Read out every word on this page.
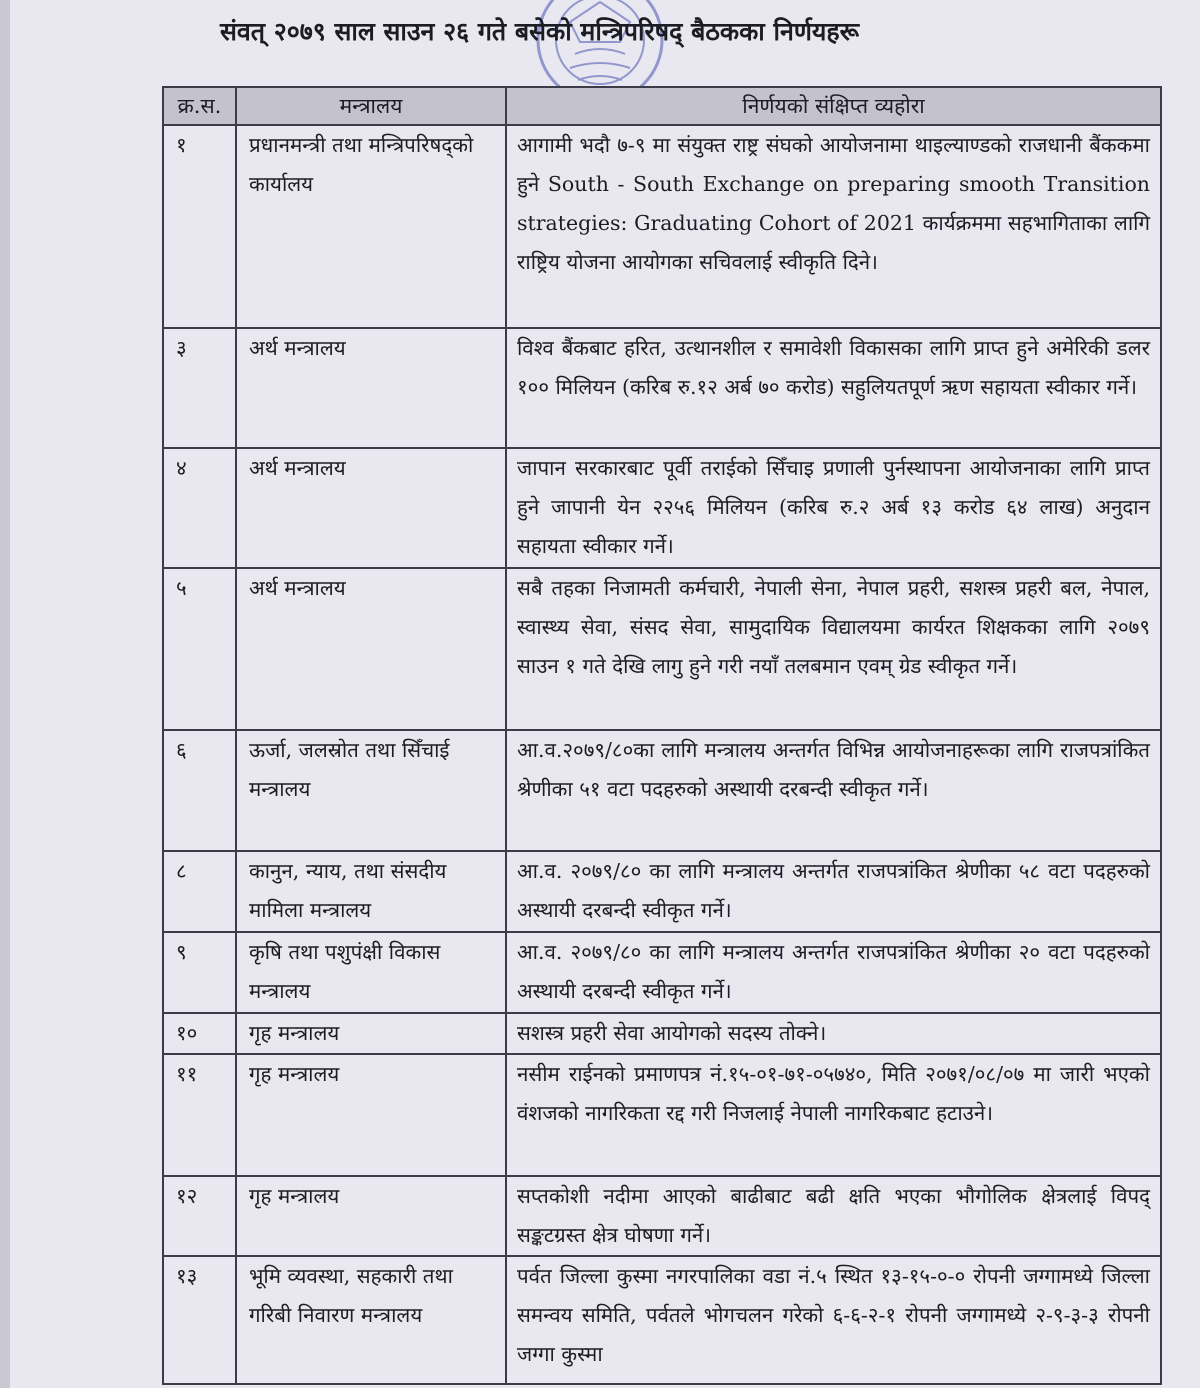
संवत् २०७९ साल साउन २६ गते बसेको मन्त्रिपरिषद् बैठकका निर्णयहरू
क्र.स.	मन्त्रालय	निर्णयको संक्षिप्त व्यहोरा
१	प्रधानमन्त्री तथा मन्त्रिपरिषद्को कार्यालय	आगामी भदौ ७-९ मा संयुक्त राष्ट्र संघको आयोजनामा थाइल्याण्डको राजधानी बैंककमा हुने South - South Exchange on preparing smooth Transition strategies: Graduating Cohort of 2021 कार्यक्रममा सहभागिताका लागि राष्ट्रिय योजना आयोगका सचिवलाई स्वीकृति दिने।
३	अर्थ मन्त्रालय	विश्व बैंकबाट हरित, उत्थानशील र समावेशी विकासका लागि प्राप्त हुने अमेरिकी डलर १०० मिलियन (करिब रु.१२ अर्ब ७० करोड) सहुलियतपूर्ण ऋण सहायता स्वीकार गर्ने।
४	अर्थ मन्त्रालय	जापान सरकारबाट पूर्वी तराईको सिँचाइ प्रणाली पुर्नस्थापना आयोजनाका लागि प्राप्त हुने जापानी येन २२५६ मिलियन (करिब रु.२ अर्ब १३ करोड ६४ लाख) अनुदान सहायता स्वीकार गर्ने।
५	अर्थ मन्त्रालय	सबै तहका निजामती कर्मचारी, नेपाली सेना, नेपाल प्रहरी, सशस्त्र प्रहरी बल, नेपाल, स्वास्थ्य सेवा, संसद सेवा, सामुदायिक विद्यालयमा कार्यरत शिक्षकका लागि २०७९ साउन १ गते देखि लागु हुने गरी नयाँ तलबमान एवम् ग्रेड स्वीकृत गर्ने।
६	ऊर्जा, जलस्रोत तथा सिँचाई मन्त्रालय	आ.व.२०७९/८०का लागि मन्त्रालय अन्तर्गत विभिन्न आयोजनाहरूका लागि राजपत्रांकित श्रेणीका ५१ वटा पदहरुको अस्थायी दरबन्दी स्वीकृत गर्ने।
८	कानुन, न्याय, तथा संसदीय मामिला मन्त्रालय	आ.व. २०७९/८० का लागि मन्त्रालय अन्तर्गत राजपत्रांकित श्रेणीका ५८ वटा पदहरुको अस्थायी दरबन्दी स्वीकृत गर्ने।
९	कृषि तथा पशुपंक्षी विकास मन्त्रालय	आ.व. २०७९/८० का लागि मन्त्रालय अन्तर्गत राजपत्रांकित श्रेणीका २० वटा पदहरुको अस्थायी दरबन्दी स्वीकृत गर्ने।
१०	गृह मन्त्रालय	सशस्त्र प्रहरी सेवा आयोगको सदस्य तोक्ने।
११	गृह मन्त्रालय	नसीम राईनको प्रमाणपत्र नं.१५-०१-७१-०५७४०, मिति २०७१/०८/०७ मा जारी भएको वंशजको नागरिकता रद्द गरी निजलाई नेपाली नागरिकबाट हटाउने।
१२	गृह मन्त्रालय	सप्तकोशी नदीमा आएको बाढीबाट बढी क्षति भएका भौगोलिक क्षेत्रलाई विपद् सङ्कटग्रस्त क्षेत्र घोषणा गर्ने।
१३	भूमि व्यवस्था, सहकारी तथा गरिबी निवारण मन्त्रालय	पर्वत जिल्ला कुस्मा नगरपालिका वडा नं.५ स्थित १३-१५-०-० रोपनी जग्गामध्ये जिल्ला समन्वय समिति, पर्वतले भोगचलन गरेको ६-६-२-१ रोपनी जग्गामध्ये २-९-३-३ रोपनी जग्गा कुस्मा
